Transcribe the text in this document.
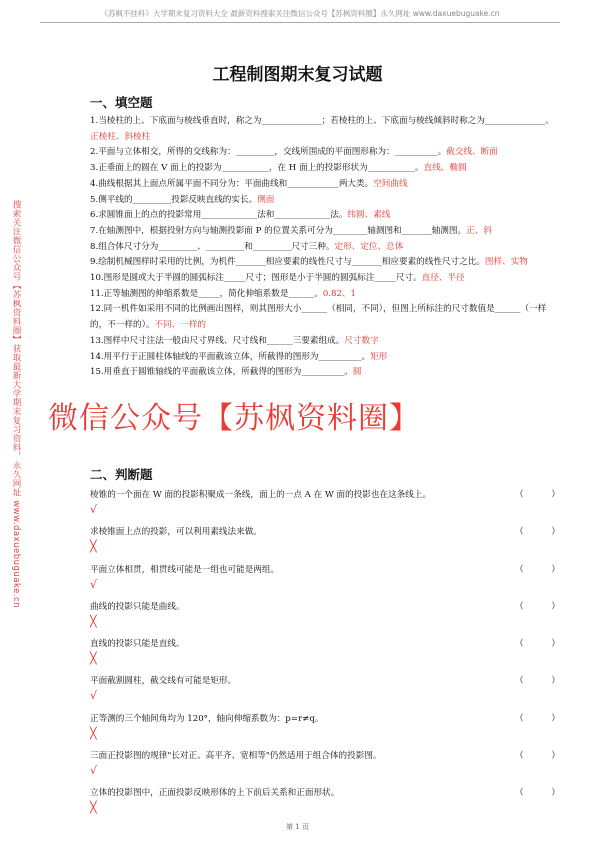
《苏枫不挂科》大学期末复习资料大全 最新资料搜索关注微信公众号【苏枫资料圈】永久网址 www.daxuebuguake.cn
搜索关注微信公众号【苏枫资料圈】获取最新大学期末复习资料，永久网址 www.daxuebuguake.cn
工程制图期末复习试题
一、填空题
1.当棱柱的上、下底面与棱线垂直时，称之为______________；若棱柱的上、下底面与棱线倾斜时称之为______________。正棱柱、斜棱柱
2.平面与立体相交，所得的交线称为：_________，交线所围成的平面图形称为：__________。截交线、断面
3.正垂面上的圆在 V 面上的投影为___________，在 H 面上的投影形状为___________。直线、椭圆
4.曲线根据其上面点所属平面不同分为：平面曲线和____________两大类。空间曲线
5.侧平线的_________投影反映直线的实长。侧面
6.求圆锥面上的点的投影常用_____________法和_____________法。纬圆、素线
7.在轴测图中，根据投射方向与轴测投影面 P 的位置关系可分为________轴测图和_______轴测图。正、斜
8.组合体尺寸分为_________、_________和_________尺寸三种。定形、定位、总体
9.绘制机械图样时采用的比例，为机件_______相应要素的线性尺寸与_______相应要素的线性尺寸之比。图样、实物
10.图形是圆或大于半圆的圆弧标注_____尺寸；图形是小于半圆的圆弧标注_____尺寸。直径、半径
11.正等轴测图的伸缩系数是_____，简化伸缩系数是______。0.82、1
12.同一机件如采用不同的比例画出图样，则其图形大小______（相同，不同），但图上所标注的尺寸数值是______（一样的，不一样的）。不同、一样的
13.图样中尺寸注法一般由尺寸界线、尺寸线和______三要素组成。尺寸数字
14.用平行于正圆柱体轴线的平面截该立体，所截得的图形为__________。矩形
15.用垂直于圆锥轴线的平面截该立体，所截得的图形为__________。圆
二、判断题
棱锥的一个面在 W 面的投影积聚成一条线，面上的一点 A 在 W 面的投影也在这条线上。	（	）
√
求棱锥面上点的投影，可以利用素线法来做。	（	）
╳
平面立体相贯，相贯线可能是一组也可能是两组。	（	）
√
曲线的投影只能是曲线。	（	）
╳
直线的投影只能是直线。	（	）
╳
平面截割圆柱，截交线有可能是矩形。	（	）
√
正等测的三个轴间角均为 120°，轴向伸缩系数为：p=r≠q。	（	）
╳
三面正投影图的规律"长对正、高平齐、宽相等"仍然适用于组合体的投影图。	（	）
√
立体的投影图中，正面投影反映形体的上下前后关系和正面形状。	（	）
╳
微信公众号【苏枫资料圈】
第 1 页
